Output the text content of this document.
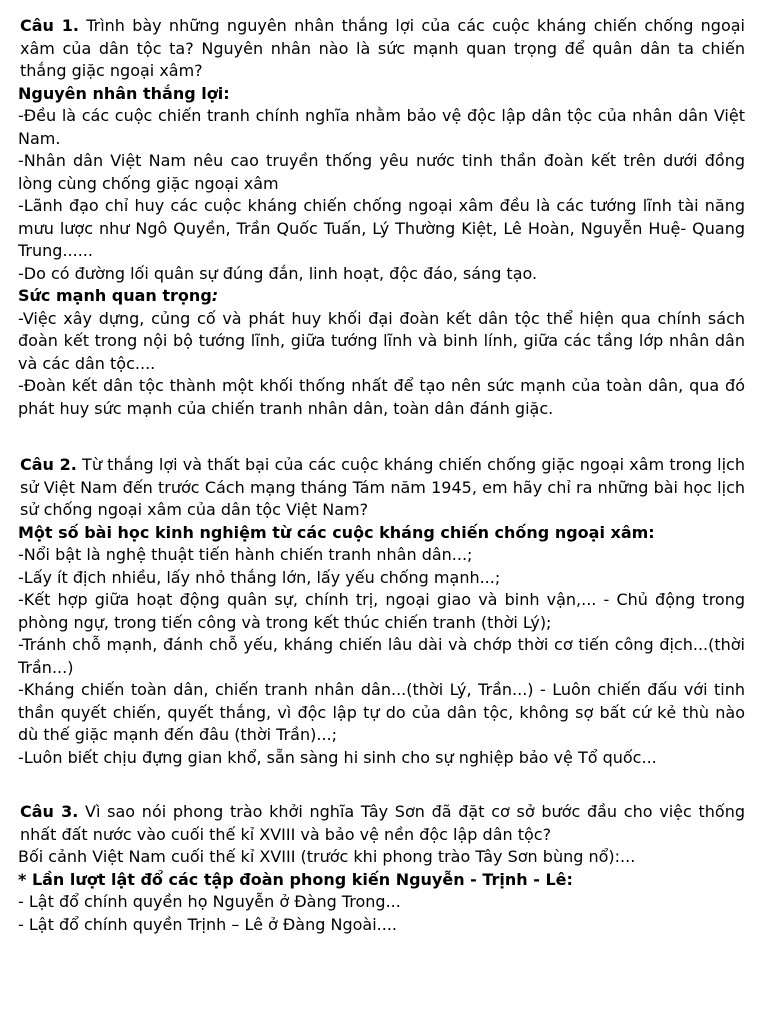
Câu 1. Trình bày những nguyên nhân thắng lợi của các cuộc kháng chiến chống ngoại xâm của dân tộc ta? Nguyên nhân nào là sức mạnh quan trọng để quân dân ta chiến thắng giặc ngoại xâm?

Nguyên nhân thắng lợi:

-Đều là các cuộc chiến tranh chính nghĩa nhằm bảo vệ độc lập dân tộc của nhân dân Việt Nam.

-Nhân dân Việt Nam nêu cao truyền thống yêu nước tinh thần đoàn kết trên dưới đồng lòng cùng chống giặc ngoại xâm

-Lãnh đạo chỉ huy các cuộc kháng chiến chống ngoại xâm đều là các tướng lĩnh tài năng mưu lược như Ngô Quyền, Trần Quốc Tuấn, Lý Thường Kiệt, Lê Hoàn, Nguyễn Huệ- Quang Trung......

-Do có đường lối quân sự đúng đắn, linh hoạt, độc đáo, sáng tạo.

Sức mạnh quan trọng:

-Việc xây dựng, củng cố và phát huy khối đại đoàn kết dân tộc thể hiện qua chính sách đoàn kết trong nội bộ tướng lĩnh, giữa tướng lĩnh và binh lính, giữa các tầng lớp nhân dân và các dân tộc....

-Đoàn kết dân tộc thành một khối thống nhất để tạo nên sức mạnh của toàn dân, qua đó phát huy sức mạnh của chiến tranh nhân dân, toàn dân đánh giặc.

Câu 2. Từ thắng lợi và thất bại của các cuộc kháng chiến chống giặc ngoại xâm trong lịch sử Việt Nam đến trước Cách mạng tháng Tám năm 1945, em hãy chỉ ra những bài học lịch sử chống ngoại xâm của dân tộc Việt Nam?

Một số bài học kinh nghiệm từ các cuộc kháng chiến chống ngoại xâm:

-Nổi bật là nghệ thuật tiến hành chiến tranh nhân dân...;

-Lấy ít địch nhiều, lấy nhỏ thắng lớn, lấy yếu chống mạnh...;

-Kết hợp giữa hoạt động quân sự, chính trị, ngoại giao và binh vận,... - Chủ động trong phòng ngự, trong tiến công và trong kết thúc chiến tranh (thời Lý);

-Tránh chỗ mạnh, đánh chỗ yếu, kháng chiến lâu dài và chớp thời cơ tiến công địch...(thời Trần...)

-Kháng chiến toàn dân, chiến tranh nhân dân...(thời Lý, Trần...) - Luôn chiến đấu với tinh thần quyết chiến, quyết thắng, vì độc lập tự do của dân tộc, không sợ bất cứ kẻ thù nào dù thế giặc mạnh đến đâu (thời Trần)...;

-Luôn biết chịu đựng gian khổ, sẵn sàng hi sinh cho sự nghiệp bảo vệ Tổ quốc...

Câu 3. Vì sao nói phong trào khởi nghĩa Tây Sơn đã đặt cơ sở bước đầu cho việc thống nhất đất nước vào cuối thế kỉ XVIII và bảo vệ nền độc lập dân tộc?

Bối cảnh Việt Nam cuối thế kỉ XVIII (trước khi phong trào Tây Sơn bùng nổ):...

* Lần lượt lật đổ các tập đoàn phong kiến Nguyễn - Trịnh - Lê:

- Lật đổ chính quyền họ Nguyễn ở Đàng Trong...

- Lật đổ chính quyền Trịnh – Lê ở Đàng Ngoài....
